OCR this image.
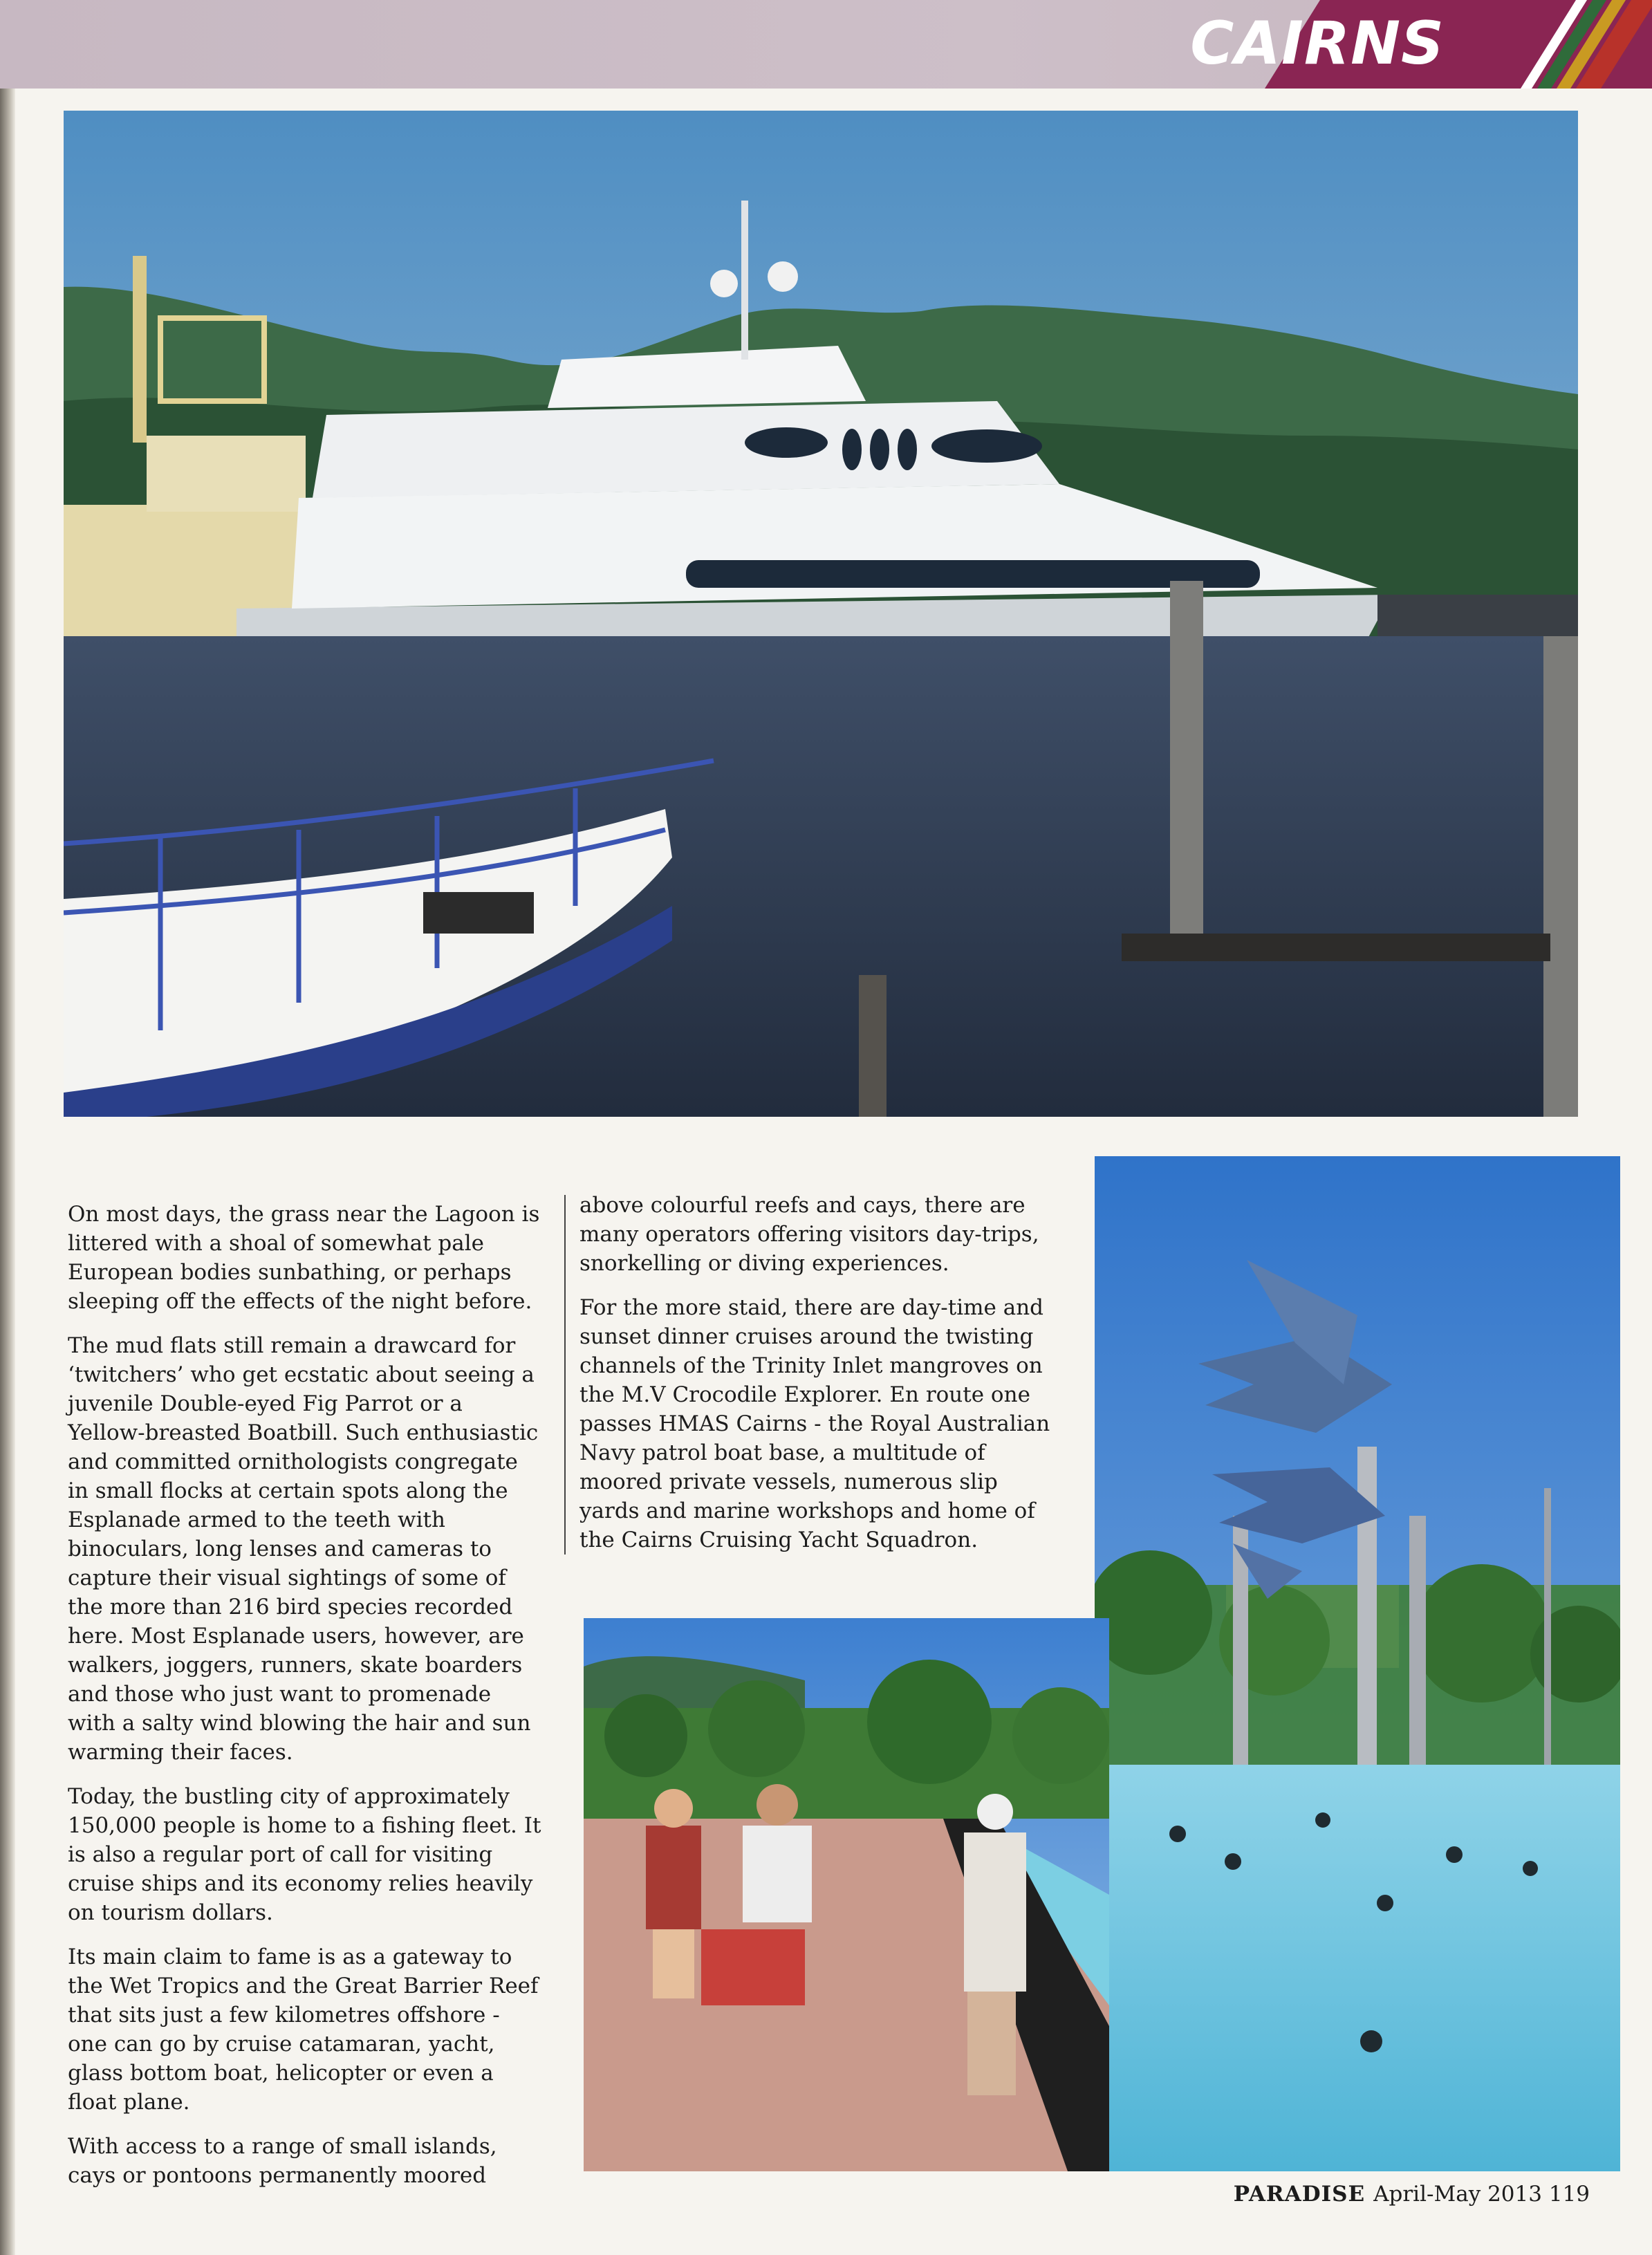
CAIRNS

On most days, the grass near the Lagoon is littered with a shoal of somewhat pale European bodies sunbathing, or perhaps sleeping off the effects of the night before.

The mud flats still remain a drawcard for ‘twitchers’ who get ecstatic about seeing a juvenile Double-eyed Fig Parrot or a Yellow-breasted Boatbill. Such enthusiastic and committed ornithologists congregate in small flocks at certain spots along the Esplanade armed to the teeth with binoculars, long lenses and cameras to capture their visual sightings of some of the more than 216 bird species recorded here. Most Esplanade users, however, are walkers, joggers, runners, skate boarders and those who just want to promenade with a salty wind blowing the hair and sun warming their faces.

Today, the bustling city of approximately 150,000 people is home to a fishing fleet. It is also a regular port of call for visiting cruise ships and its economy relies heavily on tourism dollars.

Its main claim to fame is as a gateway to the Wet Tropics and the Great Barrier Reef that sits just a few kilometres offshore - one can go by cruise catamaran, yacht, glass bottom boat, helicopter or even a float plane.

With access to a range of small islands, cays or pontoons permanently moored

above colourful reefs and cays, there are many operators offering visitors day-trips, snorkelling or diving experiences.

For the more staid, there are day-time and sunset dinner cruises around the twisting channels of the Trinity Inlet mangroves on the M.V Crocodile Explorer. En route one passes HMAS Cairns - the Royal Australian Navy patrol boat base, a multitude of moored private vessels, numerous slip yards and marine workshops and home of the Cairns Cruising Yacht Squadron.

PARADISE April-May 2013 119
